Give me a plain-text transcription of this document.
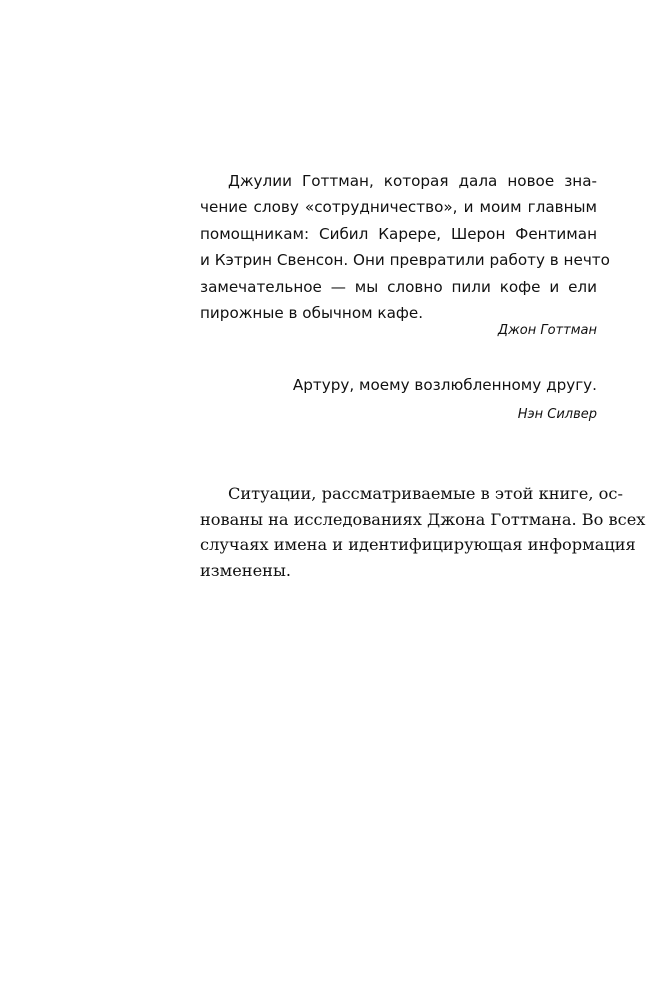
Джулии Готтман, которая дала новое зна-
чение слову «сотрудничество», и моим главным
помощникам: Сибил Карере, Шерон Фентиман
и Кэтрин Свенсон. Они превратили работу в нечто
замечательное — мы словно пили кофе и ели
пирожные в обычном кафе.
Джон Готтман
Артуру, моему возлюбленному другу.
Нэн Силвер
Ситуации, рассматриваемые в этой книге, ос-
нованы на исследованиях Джона Готтмана. Во всех
случаях имена и идентифицирующая информация
изменены.
